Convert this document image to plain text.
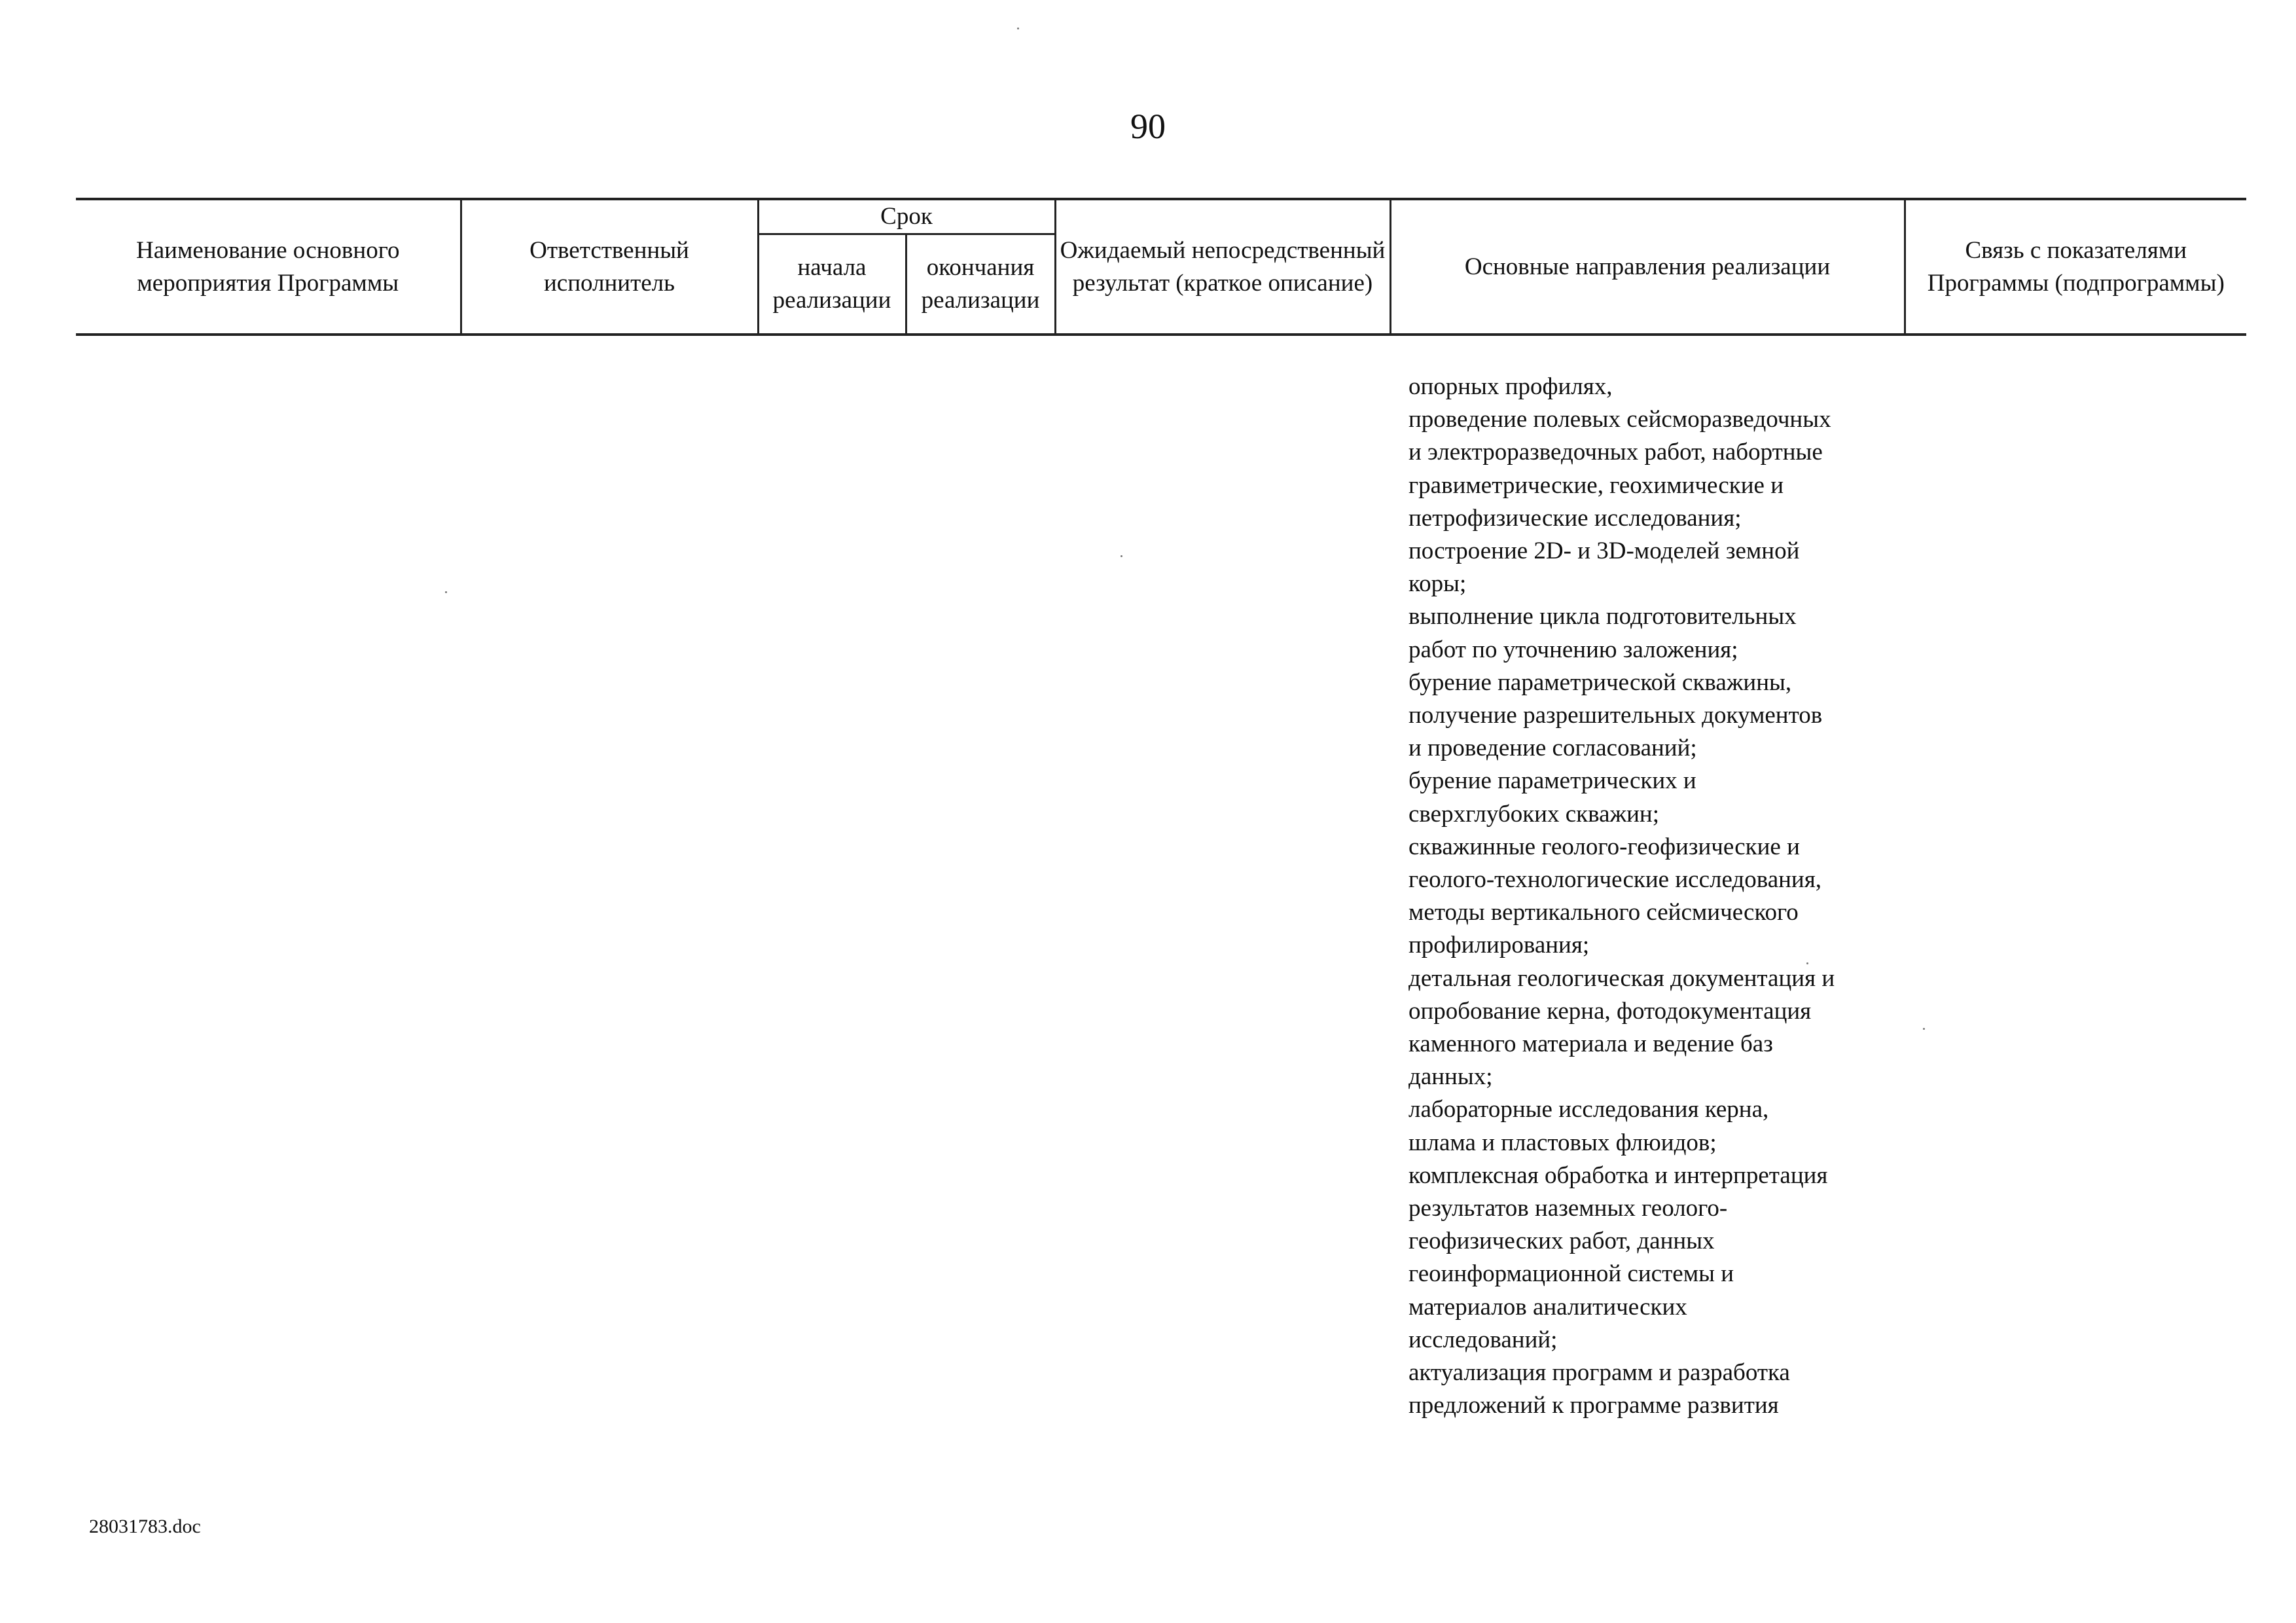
90
Наименование основного мероприятия Программы	Ответственный исполнитель	Срок		Ожидаемый непосредственный результат (краткое описание)	Основные направления реализации	Связь с показателями Программы (подпрограммы)
		начала реализации	окончания реализации			
опорных профилях,
проведение полевых сейсморазведочных
и электроразведочных работ, набортные
гравиметрические, геохимические и
петрофизические исследования;
построение 2D- и 3D-моделей земной
коры;
выполнение цикла подготовительных
работ по уточнению заложения;
бурение параметрической скважины,
получение разрешительных документов
и проведение согласований;
бурение параметрических и
сверхглубоких скважин;
скважинные геолого-геофизические и
геолого-технологические исследования,
методы вертикального сейсмического
профилирования;
детальная геологическая документация и
опробование керна, фотодокументация
каменного материала и ведение баз
данных;
лабораторные исследования керна,
шлама и пластовых флюидов;
комплексная обработка и интерпретация
результатов наземных геолого-
геофизических работ, данных
геоинформационной системы и
материалов аналитических
исследований;
актуализация программ и разработка
предложений к программе развития
28031783.doc
